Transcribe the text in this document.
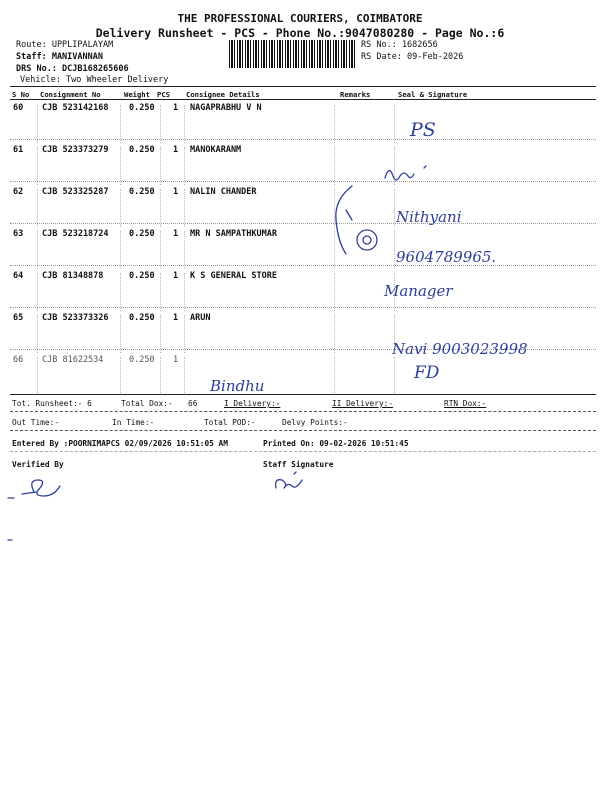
THE PROFESSIONAL COURIERS, COIMBATORE
Delivery Runsheet - PCS - Phone No.:9047080280 - Page No.:6
Route: UPPLIPALAYAM
Staff: MANIVANNAN
DRS No.: DCJB168265606
Vehicle: Two Wheeler Delivery
RS No.: 1682656
RS Date: 09-Feb-2026
S No Consignment No	Weight PCS Consignee Details	Remarks	Seal & Signature
60 CJB 523142168 0.250 1 NAGAPRABHU V N
61 CJB 523373279 0.250 1 MANOKARANM
62 CJB 523325287 0.250 1 NALIN CHANDER
63 CJB 523218724 0.250 1 MR N SAMPATHKUMAR
64 CJB 81348878	0.250 1 K S GENERAL STORE
65 CJB 523373326 0.250 1 ARUN
66 CJB 81622534	0.250 1
Tot. Runsheet:- 6	Total Dox:- 66	I Delivery:-	II Delivery:-	RTN Dox:-
Out Time:-	In Time:-	Total POD:-	Delvy Points:-
Entered By :POORNIMAPCS 02/09/2026 10:51:05 AM	Printed On: 09-02-2026 10:51:45
Verified By	Staff Signature
PS
Nithyani
9604789965.
Manager
Navi 9003023998
FD
Bindhu
